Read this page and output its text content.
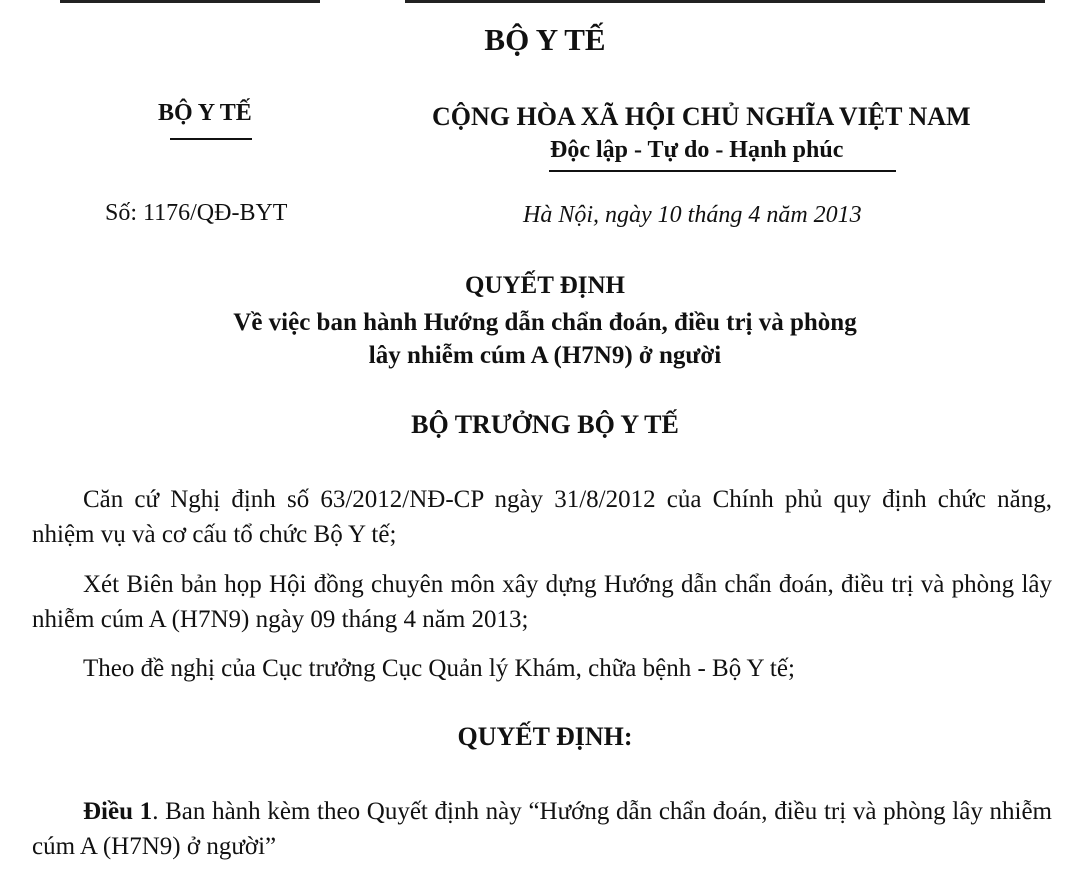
BỘ Y TẾ
BỘ Y TẾ	CỘNG HÒA XÃ HỘI CHỦ NGHĨA VIỆT NAM
Độc lập - Tự do - Hạnh phúc
Số: 1176/QĐ-BYT	Hà Nội, ngày 10 tháng 4 năm 2013
QUYẾT ĐỊNH
Về việc ban hành Hướng dẫn chẩn đoán, điều trị và phòng
lây nhiễm cúm A (H7N9) ở người
BỘ TRƯỞNG BỘ Y TẾ
Căn cứ Nghị định số 63/2012/NĐ-CP ngày 31/8/2012 của Chính phủ quy định chức năng, nhiệm vụ và cơ cấu tổ chức Bộ Y tế;
Xét Biên bản họp Hội đồng chuyên môn xây dựng Hướng dẫn chẩn đoán, điều trị và phòng lây nhiễm cúm A (H7N9) ngày 09 tháng 4 năm 2013;
Theo đề nghị của Cục trưởng Cục Quản lý Khám, chữa bệnh - Bộ Y tế;
QUYẾT ĐỊNH:
Điều 1. Ban hành kèm theo Quyết định này “Hướng dẫn chẩn đoán, điều trị và phòng lây nhiễm cúm A (H7N9) ở người”
